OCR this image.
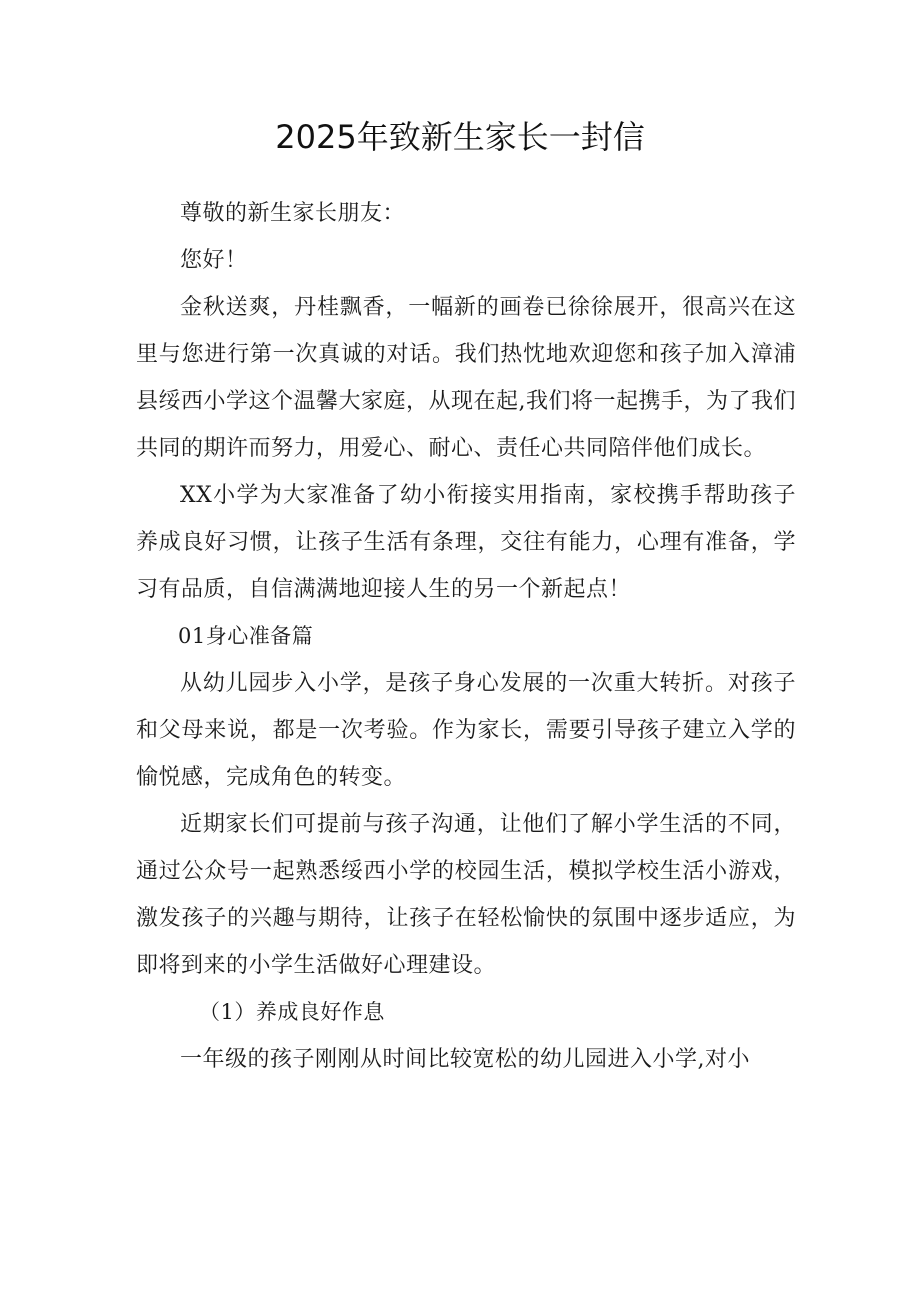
2025年致新生家长一封信

尊敬的新生家长朋友：

您好！

金秋送爽，丹桂飘香，一幅新的画卷已徐徐展开，很高兴在这里与您进行第一次真诚的对话。我们热忱地欢迎您和孩子加入漳浦县绥西小学这个温馨大家庭，从现在起,我们将一起携手，为了我们共同的期许而努力，用爱心、耐心、责任心共同陪伴他们成长。

XX小学为大家准备了幼小衔接实用指南，家校携手帮助孩子养成良好习惯，让孩子生活有条理，交往有能力，心理有准备，学习有品质，自信满满地迎接人生的另一个新起点！

01身心准备篇

从幼儿园步入小学，是孩子身心发展的一次重大转折。对孩子和父母来说，都是一次考验。作为家长，需要引导孩子建立入学的愉悦感，完成角色的转变。

近期家长们可提前与孩子沟通，让他们了解小学生活的不同，通过公众号一起熟悉绥西小学的校园生活，模拟学校生活小游戏，激发孩子的兴趣与期待，让孩子在轻松愉快的氛围中逐步适应，为即将到来的小学生活做好心理建设。

（1）养成良好作息

一年级的孩子刚刚从时间比较宽松的幼儿园进入小学,对小
